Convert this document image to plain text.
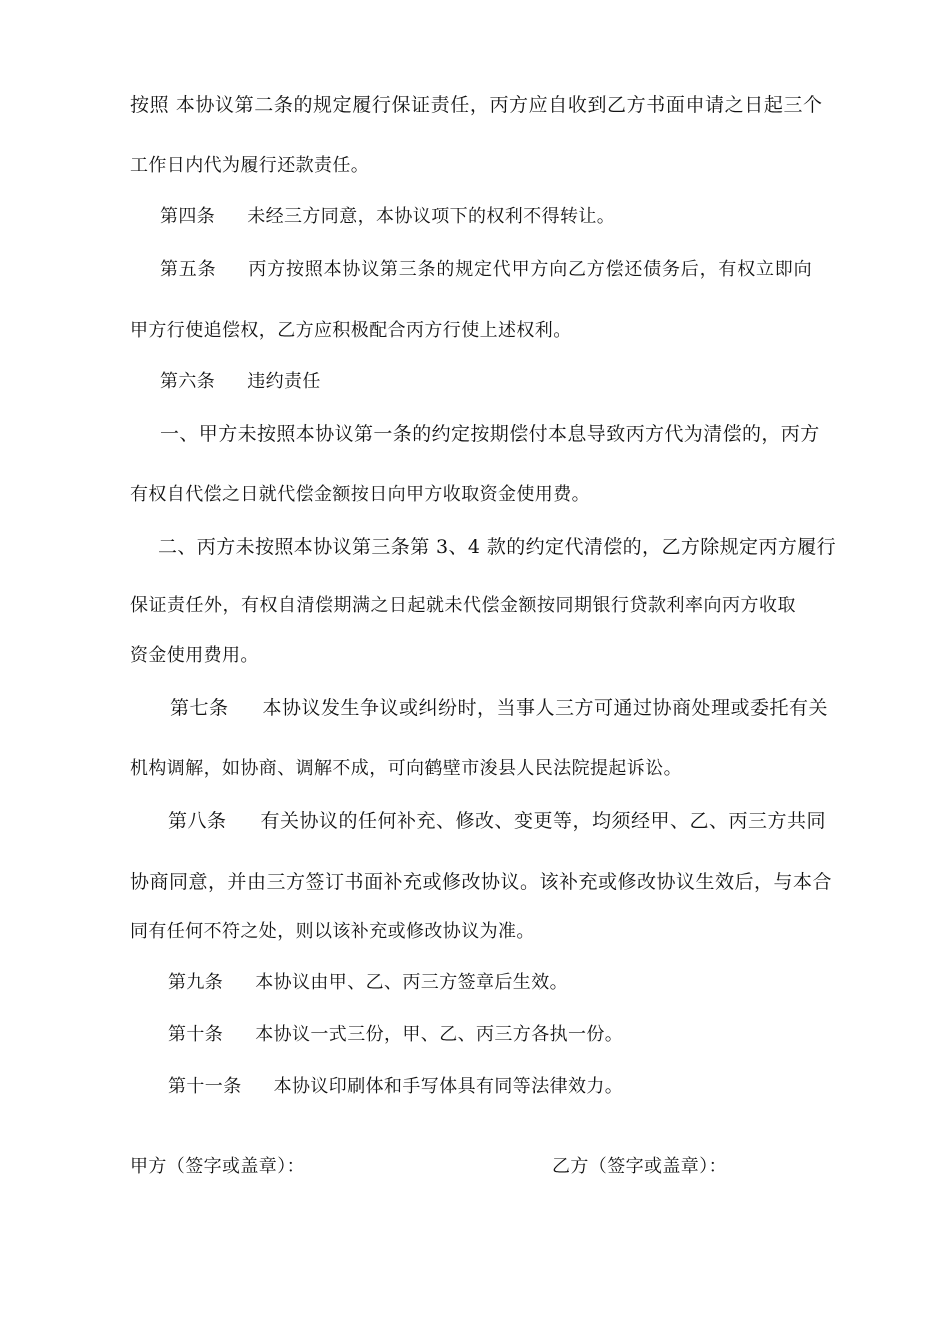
按照 本协议第二条的规定履行保证责任，丙方应自收到乙方书面申请之日起三个
工作日内代为履行还款责任。
第四条 未经三方同意，本协议项下的权利不得转让。
第五条 丙方按照本协议第三条的规定代甲方向乙方偿还债务后，有权立即向
甲方行使追偿权，乙方应积极配合丙方行使上述权利。
第六条 违约责任
一、甲方未按照本协议第一条的约定按期偿付本息导致丙方代为清偿的，丙方
有权自代偿之日就代偿金额按日向甲方收取资金使用费。
二、丙方未按照本协议第三条第 3、4 款的约定代清偿的，乙方除规定丙方履行
保证责任外，有权自清偿期满之日起就未代偿金额按同期银行贷款利率向丙方收取
资金使用费用。
第七条 本协议发生争议或纠纷时，当事人三方可通过协商处理或委托有关
机构调解，如协商、调解不成，可向鹤壁市浚县人民法院提起诉讼。
第八条 有关协议的任何补充、修改、变更等，均须经甲、乙、丙三方共同
协商同意，并由三方签订书面补充或修改协议。该补充或修改协议生效后，与本合
同有任何不符之处，则以该补充或修改协议为准。
第九条 本协议由甲、乙、丙三方签章后生效。
第十条 本协议一式三份，甲、乙、丙三方各执一份。
第十一条 本协议印刷体和手写体具有同等法律效力。
甲方（签字或盖章）：	乙方（签字或盖章）：
